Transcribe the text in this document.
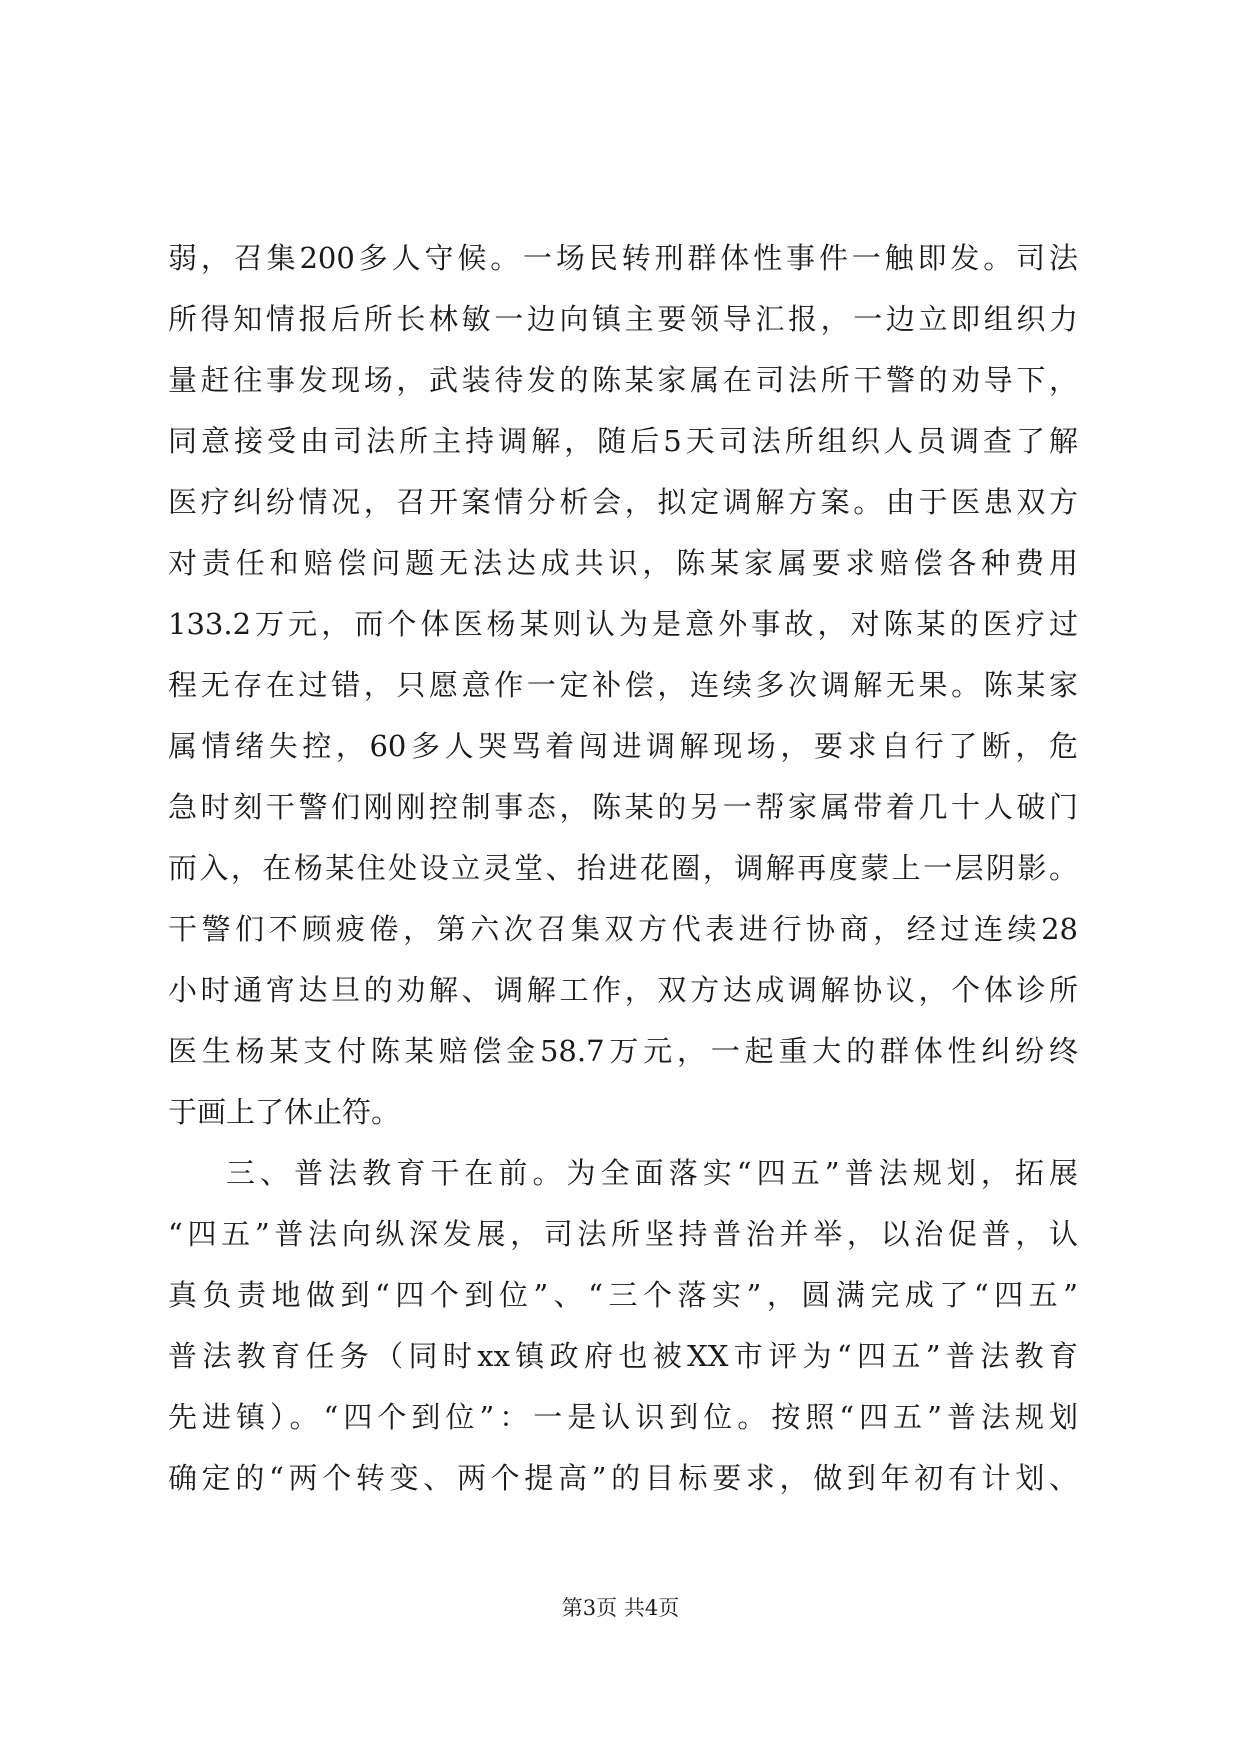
弱，召集200多人守候。一场民转刑群体性事件一触即发。司法
所得知情报后所长林敏一边向镇主要领导汇报，一边立即组织力
量赶往事发现场，武装待发的陈某家属在司法所干警的劝导下，
同意接受由司法所主持调解，随后5天司法所组织人员调查了解
医疗纠纷情况，召开案情分析会，拟定调解方案。由于医患双方
对责任和赔偿问题无法达成共识，陈某家属要求赔偿各种费用
133.2万元，而个体医杨某则认为是意外事故，对陈某的医疗过
程无存在过错，只愿意作一定补偿，连续多次调解无果。陈某家
属情绪失控，60多人哭骂着闯进调解现场，要求自行了断，危
急时刻干警们刚刚控制事态，陈某的另一帮家属带着几十人破门
而入，在杨某住处设立灵堂、抬进花圈，调解再度蒙上一层阴影。
干警们不顾疲倦，第六次召集双方代表进行协商，经过连续28
小时通宵达旦的劝解、调解工作，双方达成调解协议，个体诊所
医生杨某支付陈某赔偿金58.7万元，一起重大的群体性纠纷终
于画上了休止符。
三、普法教育干在前。为全面落实“四五”普法规划，拓展
“四五”普法向纵深发展，司法所坚持普治并举，以治促普，认
真负责地做到“四个到位”、“三个落实”，圆满完成了“四五”
普法教育任务（同时xx镇政府也被XX市评为“四五”普法教育
先进镇）。“四个到位”：一是认识到位。按照“四五”普法规划
确定的“两个转变、两个提高”的目标要求，做到年初有计划、
第3页 共4页
